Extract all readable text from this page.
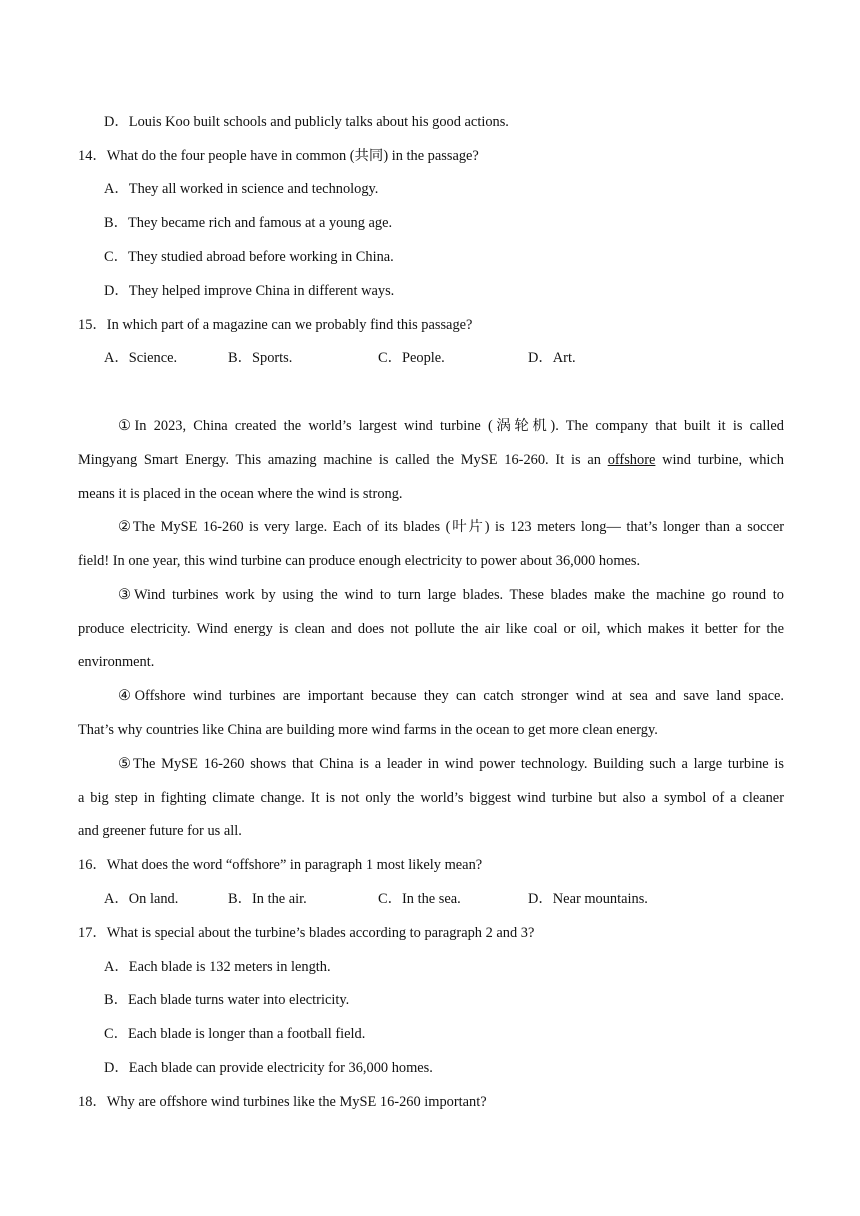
D．Louis Koo built schools and publicly talks about his good actions.
14．What do the four people have in common (共同) in the passage?
A．They all worked in science and technology.
B．They became rich and famous at a young age.
C．They studied abroad before working in China.
D．They helped improve China in different ways.
15．In which part of a magazine can we probably find this passage?
A．Science.	B．Sports.	C．People.	D．Art.
①In 2023, China created the world’s largest wind turbine (涡轮机). The company that built it is called
Mingyang Smart Energy. This amazing machine is called the MySE 16-260. It is an offshore wind turbine, which
means it is placed in the ocean where the wind is strong.
②The MySE 16-260 is very large. Each of its blades (叶片) is 123 meters long— that’s longer than a soccer
field! In one year, this wind turbine can produce enough electricity to power about 36,000 homes.
③Wind turbines work by using the wind to turn large blades. These blades make the machine go round to
produce electricity. Wind energy is clean and does not pollute the air like coal or oil, which makes it better for the
environment.
④Offshore wind turbines are important because they can catch stronger wind at sea and save land space.
That’s why countries like China are building more wind farms in the ocean to get more clean energy.
⑤The MySE 16-260 shows that China is a leader in wind power technology. Building such a large turbine is
a big step in fighting climate change. It is not only the world’s biggest wind turbine but also a symbol of a cleaner
and greener future for us all.
16．What does the word “offshore” in paragraph 1 most likely mean?
A．On land.	B．In the air.	C．In the sea.	D．Near mountains.
17．What is special about the turbine’s blades according to paragraph 2 and 3?
A．Each blade is 132 meters in length.
B．Each blade turns water into electricity.
C．Each blade is longer than a football field.
D．Each blade can provide electricity for 36,000 homes.
18．Why are offshore wind turbines like the MySE 16-260 important?
